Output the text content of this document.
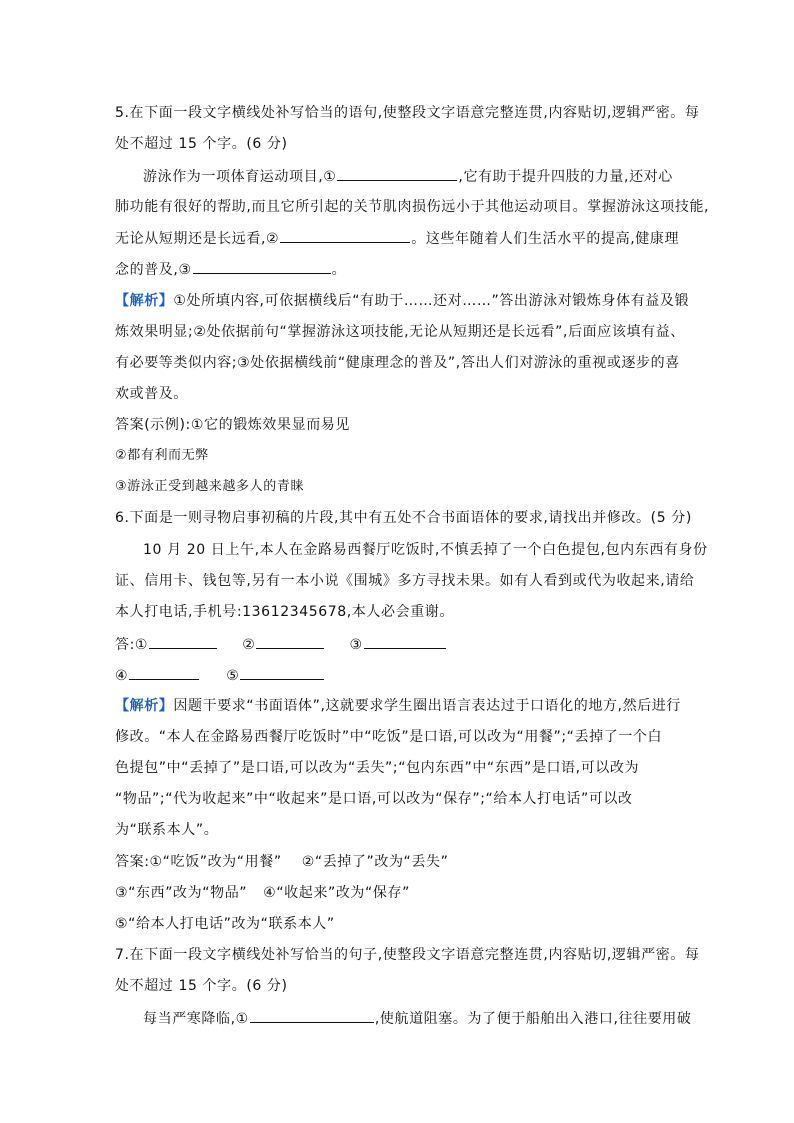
5.在下面一段文字横线处补写恰当的语句,使整段文字语意完整连贯,内容贴切,逻辑严密。每
处不超过 15 个字。(6 分)
游泳作为一项体育运动项目,①	,它有助于提升四肢的力量,还对心
肺功能有很好的帮助,而且它所引起的关节肌肉损伤远小于其他运动项目。掌握游泳这项技能,
无论从短期还是长远看,②	。这些年随着人们生活水平的提高,健康理
念的普及,③	。
【解析】①处所填内容,可依据横线后“有助于……还对……”答出游泳对锻炼身体有益及锻
炼效果明显;②处依据前句“掌握游泳这项技能,无论从短期还是长远看”,后面应该填有益、
有必要等类似内容;③处依据横线前“健康理念的普及”,答出人们对游泳的重视或逐步的喜
欢或普及。
答案(示例):①它的锻炼效果显而易见
②都有利而无弊
③游泳正受到越来越多人的青睐
6.下面是一则寻物启事初稿的片段,其中有五处不合书面语体的要求,请找出并修改。(5 分)
10 月 20 日上午,本人在金路易西餐厅吃饭时,不慎丢掉了一个白色提包,包内东西有身份
证、信用卡、钱包等,另有一本小说《围城》多方寻找未果。如有人看到或代为收起来,请给
本人打电话,手机号:13612345678,本人必会重谢。
答:①	②	③
④	⑤
【解析】因题干要求“书面语体”,这就要求学生圈出语言表达过于口语化的地方,然后进行
修改。“本人在金路易西餐厅吃饭时”中“吃饭”是口语,可以改为“用餐”;“丢掉了一个白
色提包”中“丢掉了”是口语,可以改为“丢失”;“包内东西”中“东西”是口语,可以改为
“物品”;“代为收起来”中“收起来”是口语,可以改为“保存”;“给本人打电话”可以改
为“联系本人”。
答案:①“吃饭”改为“用餐” ②“丢掉了”改为“丢失”
③“东西”改为“物品” ④“收起来”改为“保存”
⑤“给本人打电话”改为“联系本人”
7.在下面一段文字横线处补写恰当的句子,使整段文字语意完整连贯,内容贴切,逻辑严密。每
处不超过 15 个字。(6 分)
每当严寒降临,①	,使航道阻塞。为了便于船舶出入港口,往往要用破
